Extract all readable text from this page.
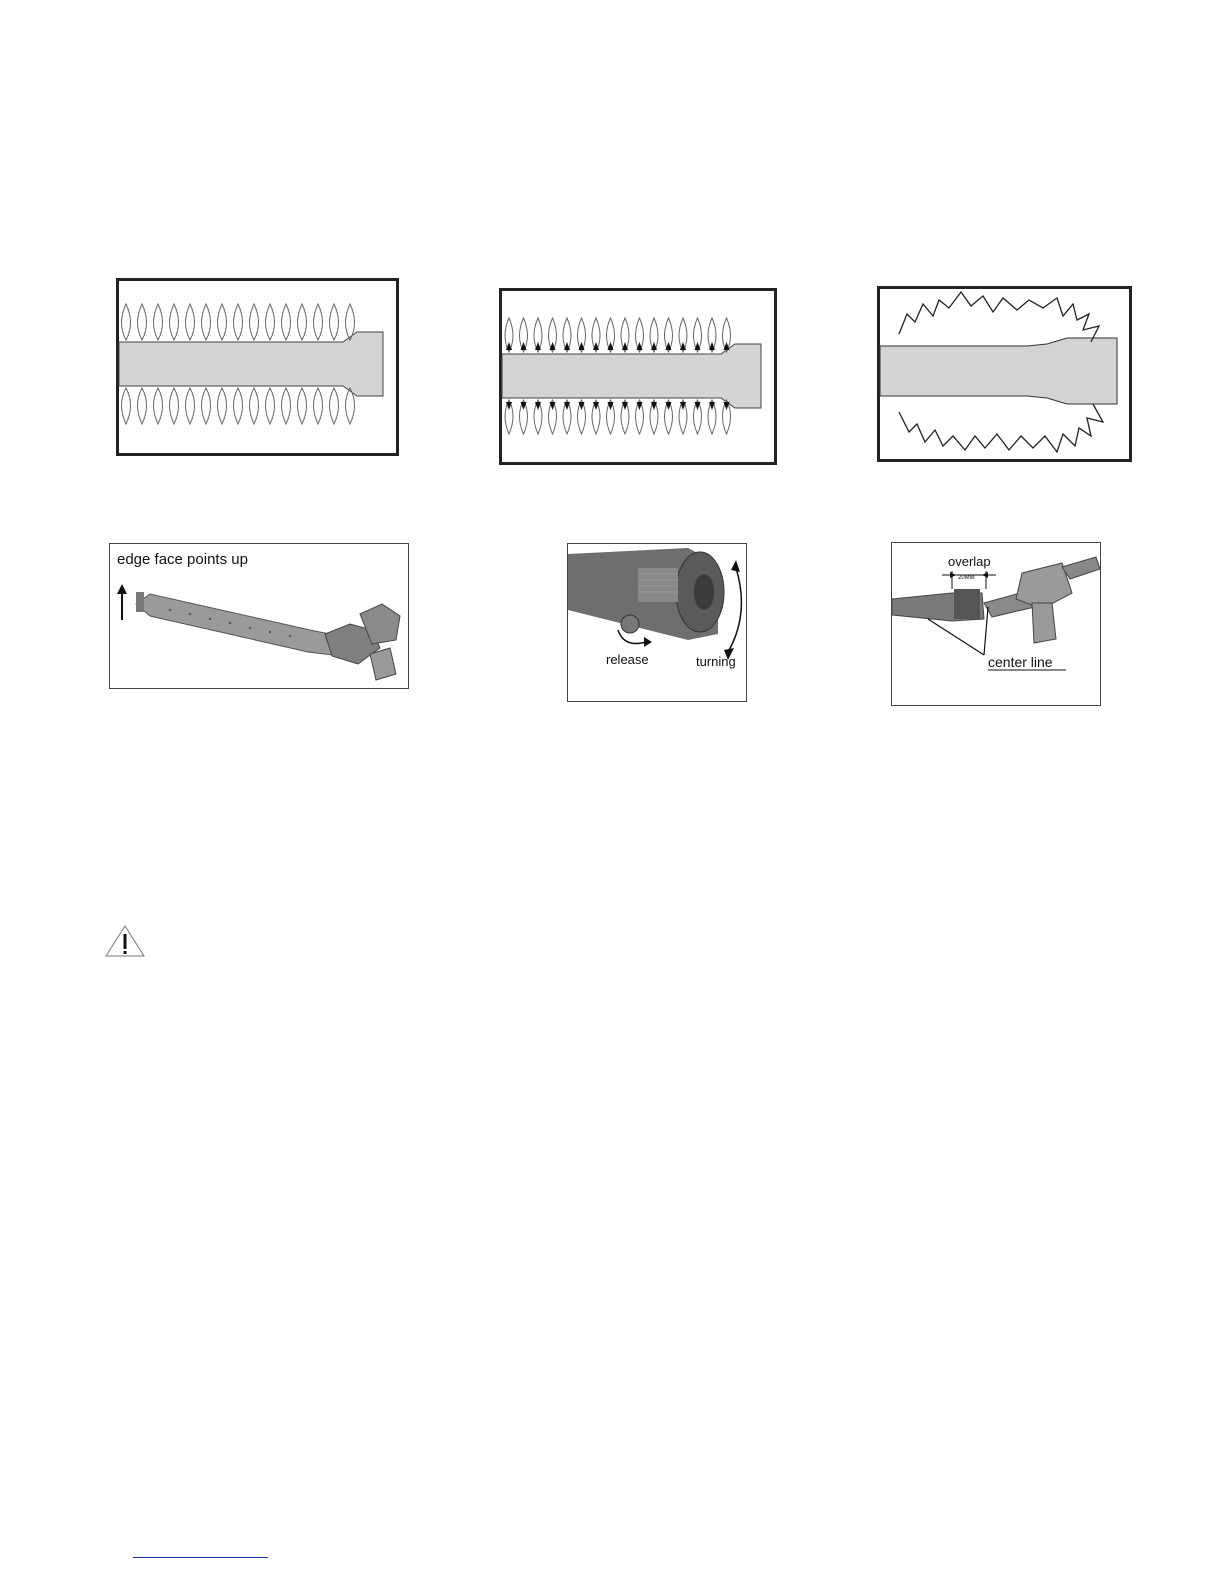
edge face points up
release	turning
overlap
20MM
center line
